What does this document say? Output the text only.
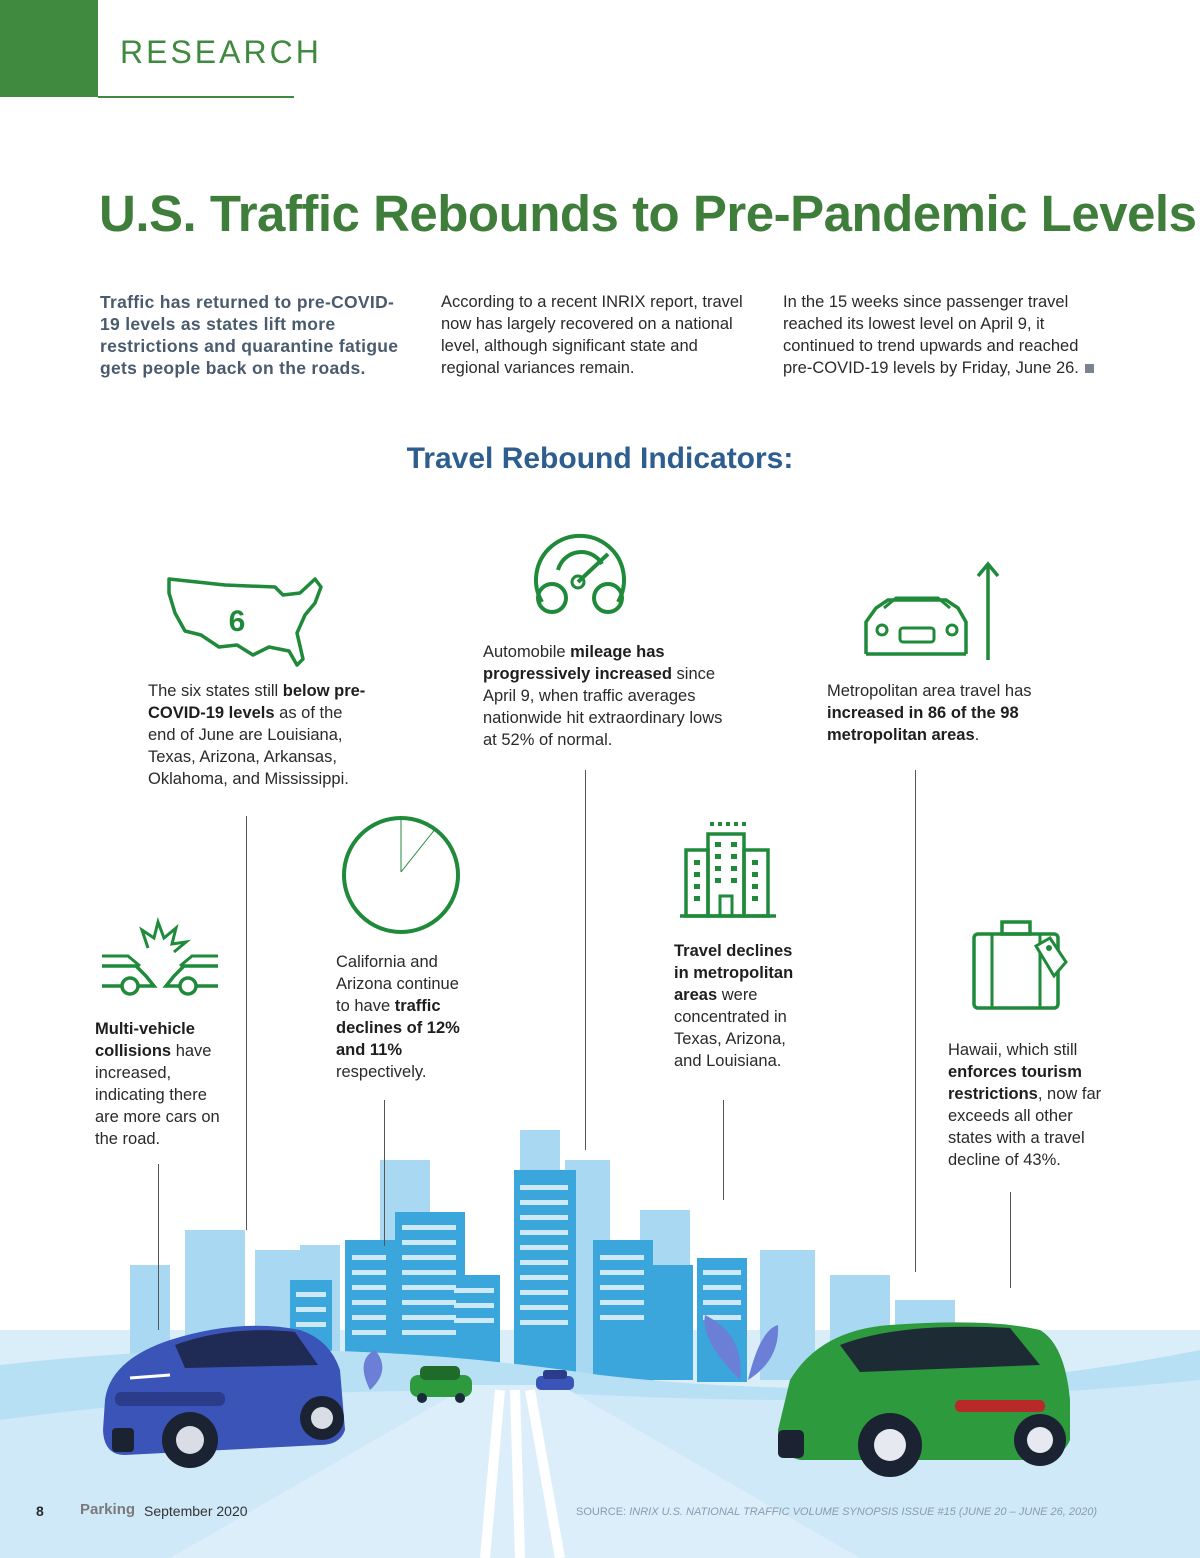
RESEARCH
U.S. Traffic Rebounds to Pre-Pandemic Levels
Traffic has returned to pre-COVID-19 levels as states lift more restrictions and quarantine fatigue gets people back on the roads.
According to a recent INRIX report, travel now has largely recovered on a national level, although significant state and regional variances remain.
In the 15 weeks since passenger travel reached its lowest level on April 9, it continued to trend upwards and reached pre-COVID-19 levels by Friday, June 26.
Travel Rebound Indicators:
6
The six states still below pre-COVID-19 levels as of the end of June are Louisiana, Texas, Arizona, Arkansas, Oklahoma, and Mississippi.
Automobile mileage has progressively increased since April 9, when traffic averages nationwide hit extraordinary lows at 52% of normal.
Metropolitan area travel has increased in 86 of the 98 metropolitan areas.
Multi-vehicle collisions have increased, indicating there are more cars on the road.
California and Arizona continue to have traffic declines of 12% and 11% respectively.
Travel declines in metropolitan areas were concentrated in Texas, Arizona, and Louisiana.
Hawaii, which still enforces tourism restrictions, now far exceeds all other states with a travel decline of 43%.
8 Parking September 2020	SOURCE: INRIX U.S. NATIONAL TRAFFIC VOLUME SYNOPSIS ISSUE #15 (JUNE 20 – JUNE 26, 2020)
